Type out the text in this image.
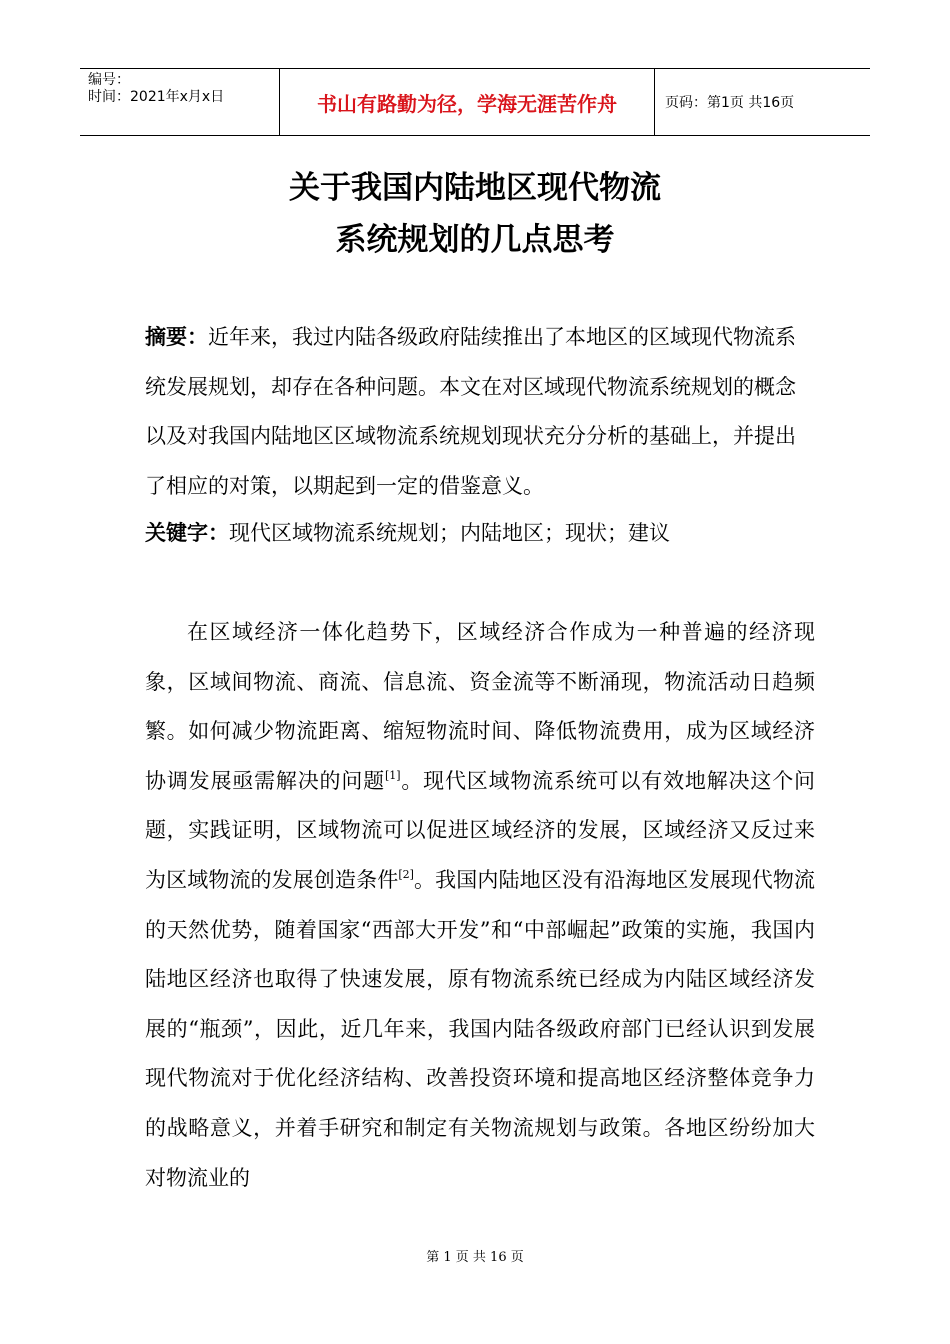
编号：
时间：2021年x月x日	书山有路勤为径，学海无涯苦作舟	页码：第1页 共16页
关于我国内陆地区现代物流
系统规划的几点思考
摘要：近年来，我过内陆各级政府陆续推出了本地区的区域现代物流系统发展规划，却存在各种问题。本文在对区域现代物流系统规划的概念以及对我国内陆地区区域物流系统规划现状充分分析的基础上，并提出了相应的对策，以期起到一定的借鉴意义。
关键字：现代区域物流系统规划；内陆地区；现状；建议
在区域经济一体化趋势下，区域经济合作成为一种普遍的经济现象，区域间物流、商流、信息流、资金流等不断涌现，物流活动日趋频繁。如何减少物流距离、缩短物流时间、降低物流费用，成为区域经济协调发展亟需解决的问题[1]。现代区域物流系统可以有效地解决这个问题，实践证明，区域物流可以促进区域经济的发展，区域经济又反过来为区域物流的发展创造条件[2]。我国内陆地区没有沿海地区发展现代物流的天然优势，随着国家“西部大开发”和“中部崛起”政策的实施，我国内陆地区经济也取得了快速发展，原有物流系统已经成为内陆区域经济发展的“瓶颈”，因此，近几年来，我国内陆各级政府部门已经认识到发展现代物流对于优化经济结构、改善投资环境和提高地区经济整体竞争力的战略意义，并着手研究和制定有关物流规划与政策。各地区纷纷加大对物流业的
第 1 页 共 16 页
